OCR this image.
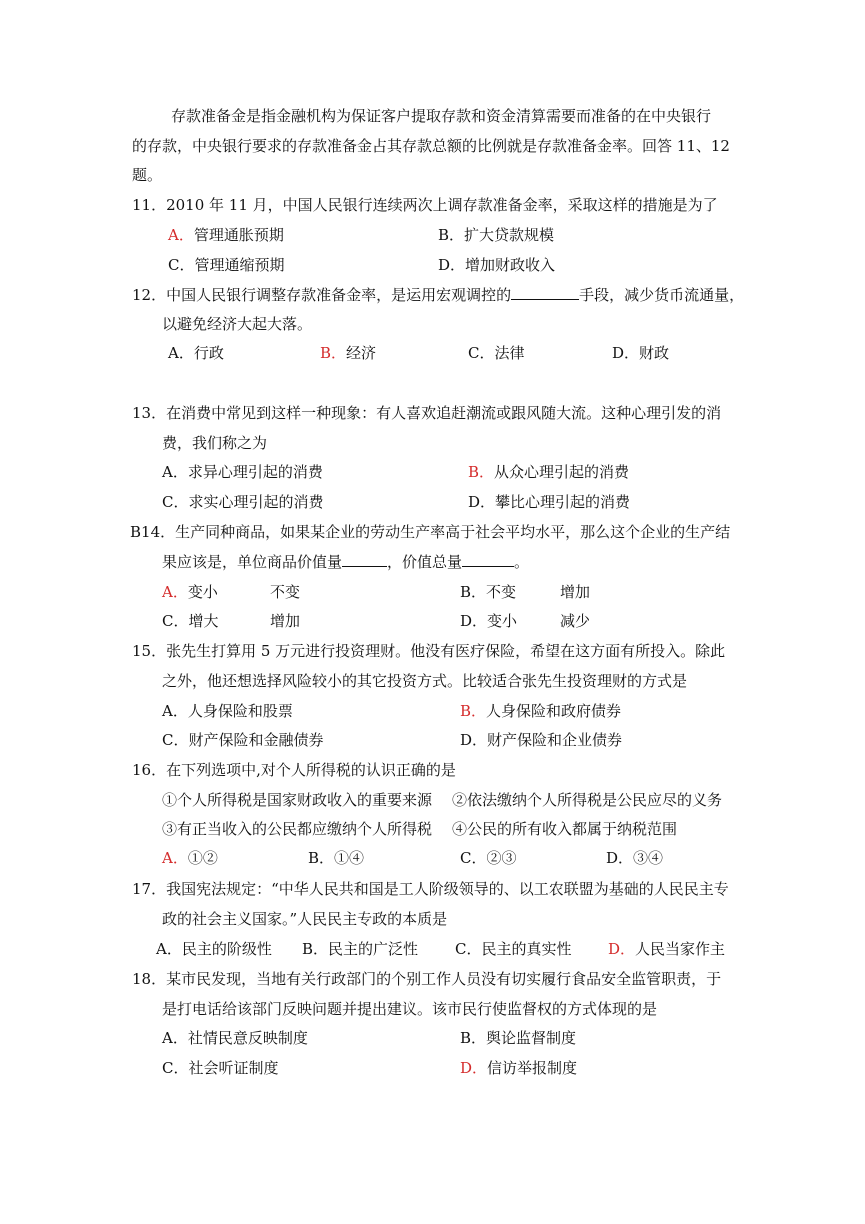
存款准备金是指金融机构为保证客户提取存款和资金清算需要而准备的在中央银行
的存款，中央银行要求的存款准备金占其存款总额的比例就是存款准备金率。回答 11、12
题。
11．2010 年 11 月，中国人民银行连续两次上调存款准备金率，采取这样的措施是为了
A．管理通胀预期	B．扩大贷款规模
C．管理通缩预期	D．增加财政收入
12．中国人民银行调整存款准备金率，是运用宏观调控的	手段，减少货币流通量，
以避免经济大起大落。
A．行政	B．经济	C．法律	D．财政
13．在消费中常见到这样一种现象：有人喜欢追赶潮流或跟风随大流。这种心理引发的消
费，我们称之为
A．求异心理引起的消费	B．从众心理引起的消费
C．求实心理引起的消费	D．攀比心理引起的消费
B14．生产同种商品，如果某企业的劳动生产率高于社会平均水平，那么这个企业的生产结
果应该是，单位商品价值量	，价值总量	。
A．变小	不变	B．不变	增加
C．增大	增加	D．变小	减少
15．张先生打算用 5 万元进行投资理财。他没有医疗保险，希望在这方面有所投入。除此
之外，他还想选择风险较小的其它投资方式。比较适合张先生投资理财的方式是
A．人身保险和股票	B．人身保险和政府债券
C．财产保险和金融债券	D．财产保险和企业债券
16．在下列选项中,对个人所得税的认识正确的是
①个人所得税是国家财政收入的重要来源 ②依法缴纳个人所得税是公民应尽的义务
③有正当收入的公民都应缴纳个人所得税 ④公民的所有收入都属于纳税范围
A．①②	B．①④	C．②③	D．③④
17．我国宪法规定：“中华人民共和国是工人阶级领导的、以工农联盟为基础的人民民主专
政的社会主义国家。”人民民主专政的本质是
A．民主的阶级性 B．民主的广泛性 C．民主的真实性 D．人民当家作主
18．某市民发现，当地有关行政部门的个别工作人员没有切实履行食品安全监管职责，于
是打电话给该部门反映问题并提出建议。该市民行使监督权的方式体现的是
A．社情民意反映制度	B．舆论监督制度
C．社会听证制度	D．信访举报制度
